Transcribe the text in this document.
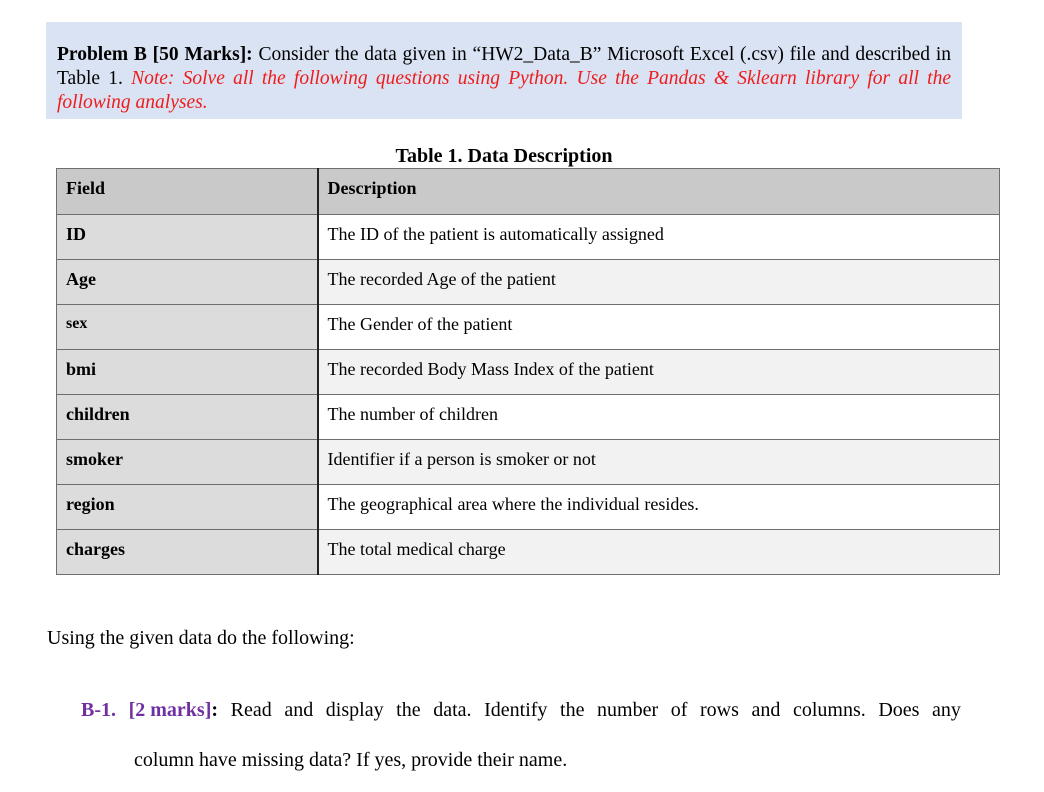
Problem B [50 Marks]: Consider the data given in “HW2_Data_B” Microsoft Excel (.csv) file and described in Table 1. Note: Solve all the following questions using Python. Use the Pandas & Sklearn library for all the following analyses.
Table 1. Data Description
Field	Description
ID	The ID of the patient is automatically assigned
Age	The recorded Age of the patient
sex	The Gender of the patient
bmi	The recorded Body Mass Index of the patient
children	The number of children
smoker	Identifier if a person is smoker or not
region	The geographical area where the individual resides.
charges	The total medical charge
Using the given data do the following:
B-1. [2 marks]: Read and display the data. Identify the number of rows and columns. Does any
column have missing data? If yes, provide their name.
